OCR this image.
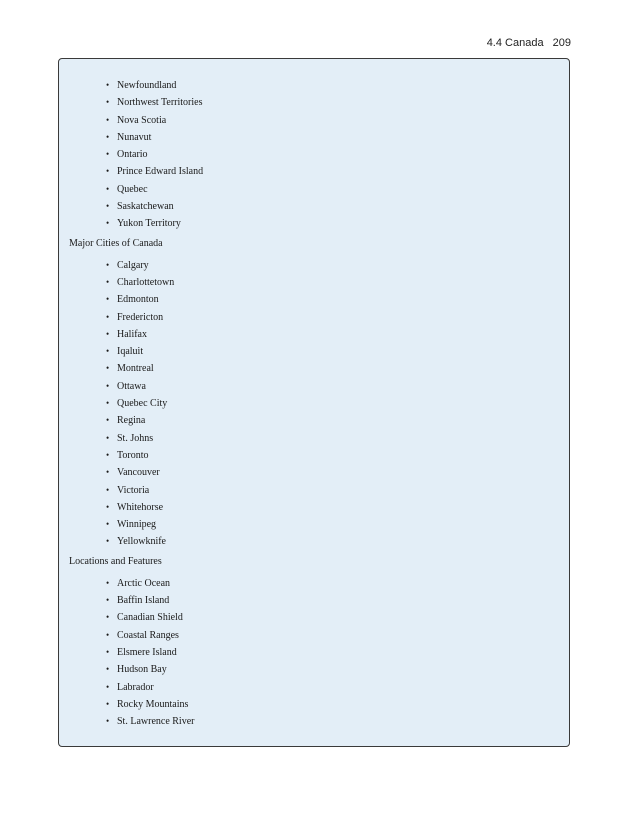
4.4 Canada 209
• Newfoundland
• Northwest Territories
• Nova Scotia
• Nunavut
• Ontario
• Prince Edward Island
• Quebec
• Saskatchewan
• Yukon Territory
Major Cities of Canada
• Calgary
• Charlottetown
• Edmonton
• Fredericton
• Halifax
• Iqaluit
• Montreal
• Ottawa
• Quebec City
• Regina
• St. Johns
• Toronto
• Vancouver
• Victoria
• Whitehorse
• Winnipeg
• Yellowknife
Locations and Features
• Arctic Ocean
• Baffin Island
• Canadian Shield
• Coastal Ranges
• Elsmere Island
• Hudson Bay
• Labrador
• Rocky Mountains
• St. Lawrence River
